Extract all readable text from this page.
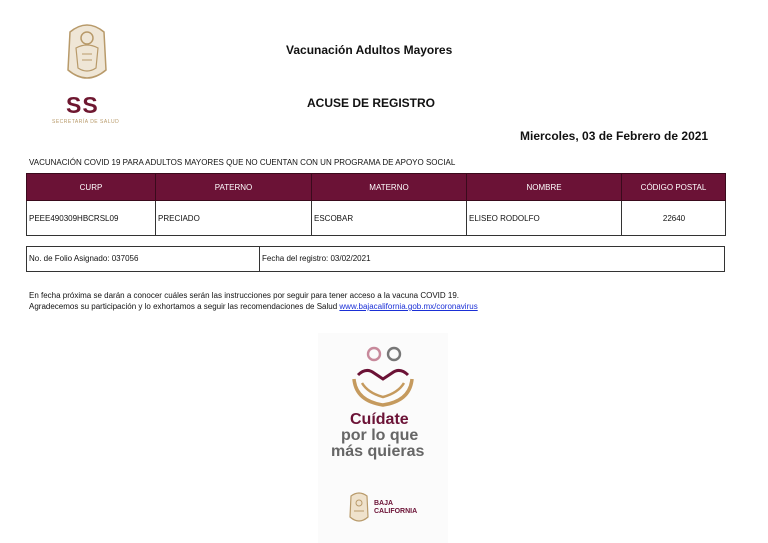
SS
SECRETARÍA DE SALUD
Vacunación Adultos Mayores
ACUSE DE REGISTRO
Miercoles, 03 de Febrero de 2021
VACUNACIÓN COVID 19 PARA ADULTOS MAYORES QUE NO CUENTAN CON UN PROGRAMA DE APOYO SOCIAL
CURP	PATERNO	MATERNO	NOMBRE	CÓDIGO POSTAL
PEEE490309HBCRSL09	PRECIADO	ESCOBAR	ELISEO RODOLFO	22640
No. de Folio Asignado: 037056	Fecha del registro: 03/02/2021
En fecha próxima se darán a conocer cuáles serán las instrucciones por seguir para tener acceso a la vacuna COVID 19.
Agradecemos su participación y lo exhortamos a seguir las recomendaciones de Salud www.bajacalifornia.gob.mx/coronavirus
Cuídate
por lo que
más quieras
BAJA
CALIFORNIA
